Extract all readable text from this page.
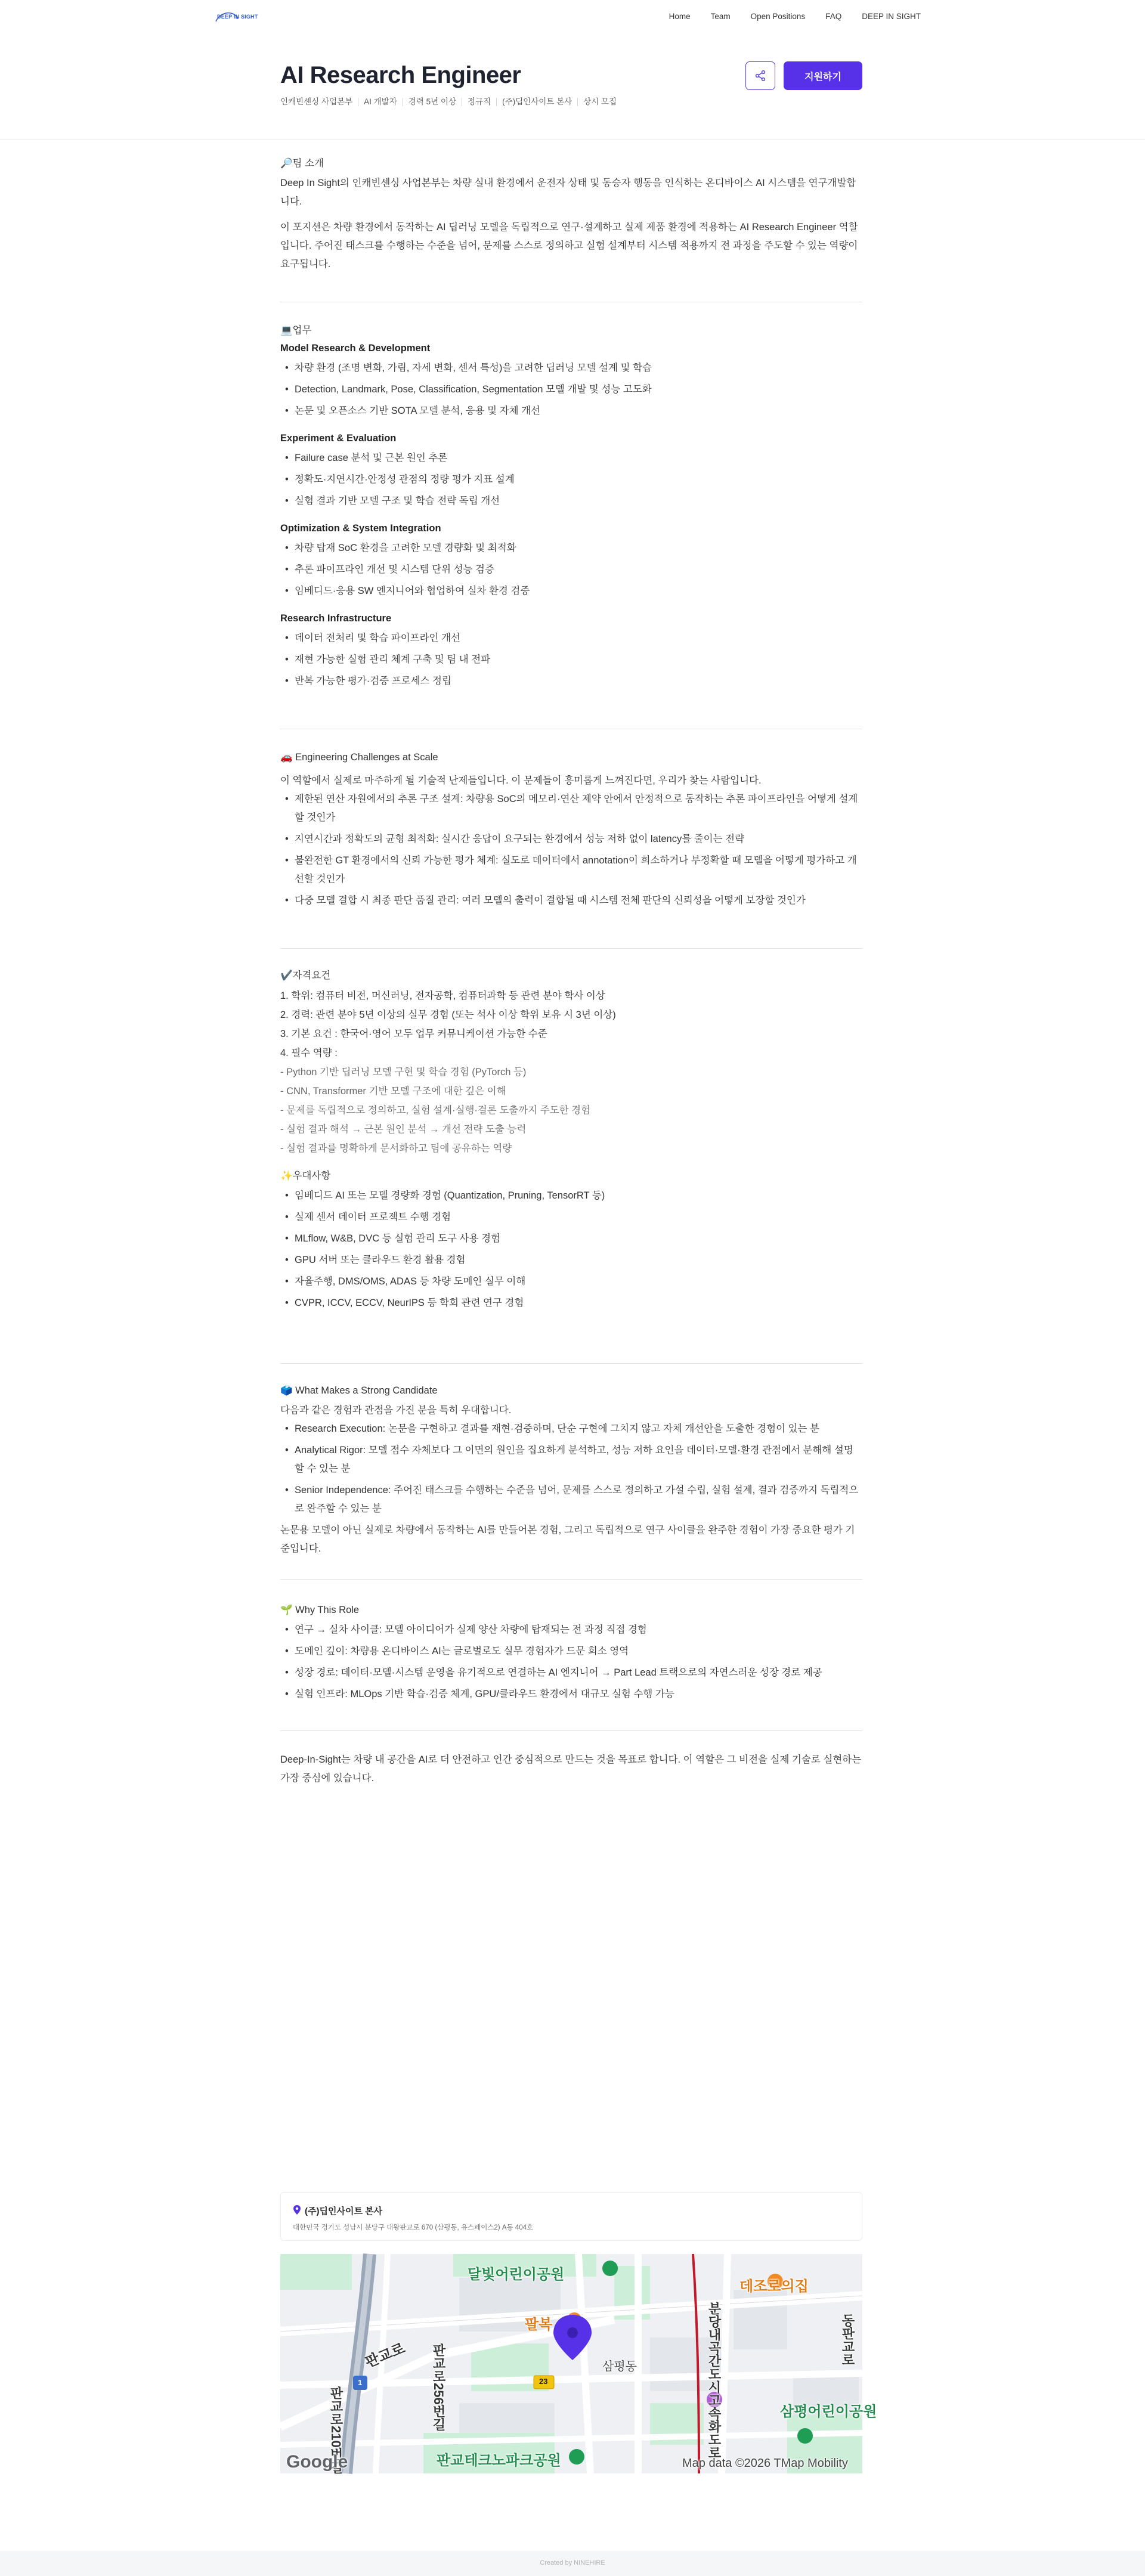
DEEP IN SIGHT	Home	Team	Open Positions	FAQ	DEEP IN SIGHT
AI Research Engineer
인캐빈센싱 사업본부	AI 개발자	경력 5년 이상	정규직	(주)딥인사이트 본사	상시 모집
지원하기
🔎팀 소개

Deep In Sight의 인캐빈센싱 사업본부는 차량 실내 환경에서 운전자 상태 및 동승자 행동을 인식하는 온디바이스 AI 시스템을 연구개발합니다.

이 포지션은 차량 환경에서 동작하는 AI 딥러닝 모델을 독립적으로 연구·설계하고 실제 제품 환경에 적용하는 AI Research Engineer 역할입니다. 주어진 태스크를 수행하는 수준을 넘어, 문제를 스스로 정의하고 실험 설계부터 시스템 적용까지 전 과정을 주도할 수 있는 역량이 요구됩니다.

💻업무
Model Research & Development
• 차량 환경 (조명 변화, 가림, 자세 변화, 센서 특성)을 고려한 딥러닝 모델 설계 및 학습
• Detection, Landmark, Pose, Classification, Segmentation 모델 개발 및 성능 고도화
• 논문 및 오픈소스 기반 SOTA 모델 분석, 응용 및 자체 개선
Experiment & Evaluation
• Failure case 분석 및 근본 원인 추론
• 정확도·지연시간·안정성 관점의 정량 평가 지표 설계
• 실험 결과 기반 모델 구조 및 학습 전략 독립 개선
Optimization & System Integration
• 차량 탑재 SoC 환경을 고려한 모델 경량화 및 최적화
• 추론 파이프라인 개선 및 시스템 단위 성능 검증
• 임베디드·응용 SW 엔지니어와 협업하여 실차 환경 검증
Research Infrastructure
• 데이터 전처리 및 학습 파이프라인 개선
• 재현 가능한 실험 관리 체계 구축 및 팀 내 전파
• 반복 가능한 평가·검증 프로세스 정립
🚗 Engineering Challenges at Scale

이 역할에서 실제로 마주하게 될 기술적 난제들입니다. 이 문제들이 흥미롭게 느껴진다면, 우리가 찾는 사람입니다.

• 제한된 연산 자원에서의 추론 구조 설계: 차량용 SoC의 메모리·연산 제약 안에서 안정적으로 동작하는 추론 파이프라인을 어떻게 설계할 것인가
• 지연시간과 정확도의 균형 최적화: 실시간 응답이 요구되는 환경에서 성능 저하 없이 latency를 줄이는 전략
• 불완전한 GT 환경에서의 신뢰 가능한 평가 체계: 실도로 데이터에서 annotation이 희소하거나 부정확할 때 모델을 어떻게 평가하고 개선할 것인가
• 다중 모델 결합 시 최종 판단 품질 관리: 여러 모델의 출력이 결합될 때 시스템 전체 판단의 신뢰성을 어떻게 보장할 것인가
✔️자격요건
1. 학위: 컴퓨터 비전, 머신러닝, 전자공학, 컴퓨터과학 등 관련 분야 학사 이상
2. 경력: 관련 분야 5년 이상의 실무 경험 (또는 석사 이상 학위 보유 시 3년 이상)
3. 기본 요건 : 한국어·영어 모두 업무 커뮤니케이션 가능한 수준
4. 필수 역량 :
- Python 기반 딥러닝 모델 구현 및 학습 경험 (PyTorch 등)
- CNN, Transformer 기반 모델 구조에 대한 깊은 이해
- 문제를 독립적으로 정의하고, 실험 설계·실행·결론 도출까지 주도한 경험
- 실험 결과 해석 → 근본 원인 분석 → 개선 전략 도출 능력
- 실험 결과를 명확하게 문서화하고 팀에 공유하는 역량
✨우대사항
• 임베디드 AI 또는 모델 경량화 경험 (Quantization, Pruning, TensorRT 등)
• 실제 센서 데이터 프로젝트 수행 경험
• MLflow, W&B, DVC 등 실험 관리 도구 사용 경험
• GPU 서버 또는 클라우드 환경 활용 경험
• 자율주행, DMS/OMS, ADAS 등 차량 도메인 실무 이해
• CVPR, ICCV, ECCV, NeurIPS 등 학회 관련 연구 경험
🗳️ What Makes a Strong Candidate

다음과 같은 경험과 관점을 가진 분을 특히 우대합니다.

• Research Execution: 논문을 구현하고 결과를 재현·검증하며, 단순 구현에 그치지 않고 자체 개선안을 도출한 경험이 있는 분
• Analytical Rigor: 모델 점수 자체보다 그 이면의 원인을 집요하게 분석하고, 성능 저하 요인을 데이터·모델·환경 관점에서 분해해 설명할 수 있는 분
• Senior Independence: 주어진 태스크를 수행하는 수준을 넘어, 문제를 스스로 정의하고 가설 수립, 실험 설계, 결과 검증까지 독립적으로 완주할 수 있는 분

논문용 모델이 아닌 실제로 차량에서 동작하는 AI를 만들어본 경험, 그리고 독립적으로 연구 사이클을 완주한 경험이 가장 중요한 평가 기준입니다.

🌱 Why This Role
• 연구 → 실차 사이클: 모델 아이디어가 실제 양산 차량에 탑재되는 전 과정 직접 경험
• 도메인 깊이: 차량용 온디바이스 AI는 글로벌로도 실무 경험자가 드문 희소 영역
• 성장 경로: 데이터·모델·시스템 운영을 유기적으로 연결하는 AI 엔지니어 → Part Lead 트랙으로의 자연스러운 성장 경로 제공
• 실험 인프라: MLOps 기반 학습·검증 체계, GPU/클라우드 환경에서 대규모 실험 수행 가능

Deep-In-Sight는 차량 내 공간을 AI로 더 안전하고 인간 중심적으로 만드는 것을 목표로 합니다. 이 역할은 그 비전을 실제 기술로 실현하는 가장 중심에 있습니다.

(주)딥인사이트 본사
대한민국 경기도 성남시 분당구 대왕판교로 670 (삼평동, 유스페이스2) A동 404호
달빛어린이공원
데조로의집
팔복
판교로 판교로256번길
판교로210번길	분당내곡간도시고속화도로	동판교로
삼평동
삼평어린이공원
판교테크노파크공원
23
1
Google	Map data ©2026 TMap Mobility
Created by NINEHIRE
